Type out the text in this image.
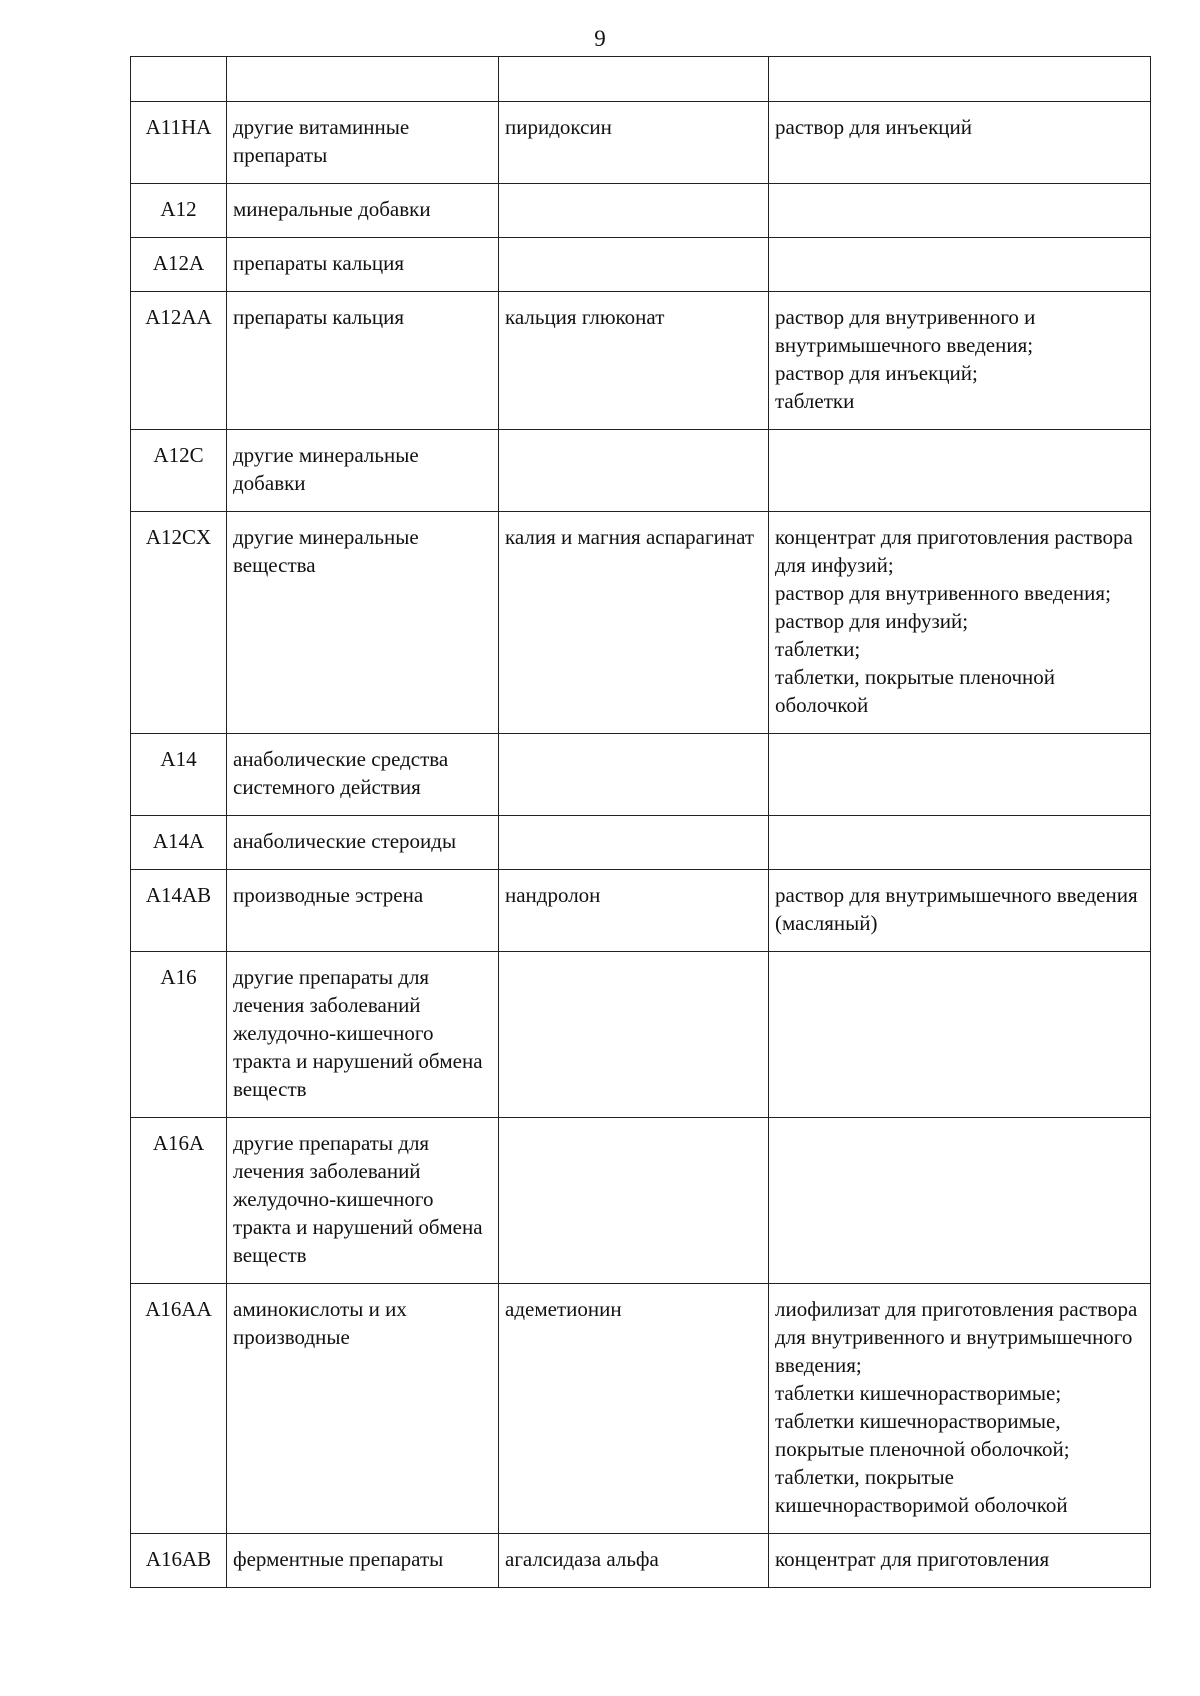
9

A11HA	другие витаминные препараты	пиридоксин	раствор для инъекций

A12	минеральные добавки		
A12A	препараты кальция		
A12AA	препараты кальция	кальция глюконат	раствор для внутривенного и внутримышечного введения;
раствор для инъекций;
таблетки

A12C	другие минеральные добавки		
A12CX	другие минеральные вещества	калия и магния аспарагинат	концентрат для приготовления раствора для инфузий;
раствор для внутривенного введения;
раствор для инфузий;
таблетки;
таблетки, покрытые пленочной оболочкой

A14	анаболические средства системного действия		
A14A	анаболические стероиды		
A14AB	производные эстрена	нандролон	раствор для внутримышечного введения (масляный)

A16	другие препараты для лечения заболеваний желудочно-кишечного тракта и нарушений обмена веществ		
A16A	другие препараты для лечения заболеваний желудочно-кишечного тракта и нарушений обмена веществ		
A16AA	аминокислоты и их производные	адеметионин	лиофилизат для приготовления раствора для внутривенного и внутримышечного введения;
таблетки кишечнорастворимые;
таблетки кишечнорастворимые, покрытые пленочной оболочкой;
таблетки, покрытые кишечнорастворимой оболочкой

A16AB	ферментные препараты	агалсидаза альфа	концентрат для приготовления
